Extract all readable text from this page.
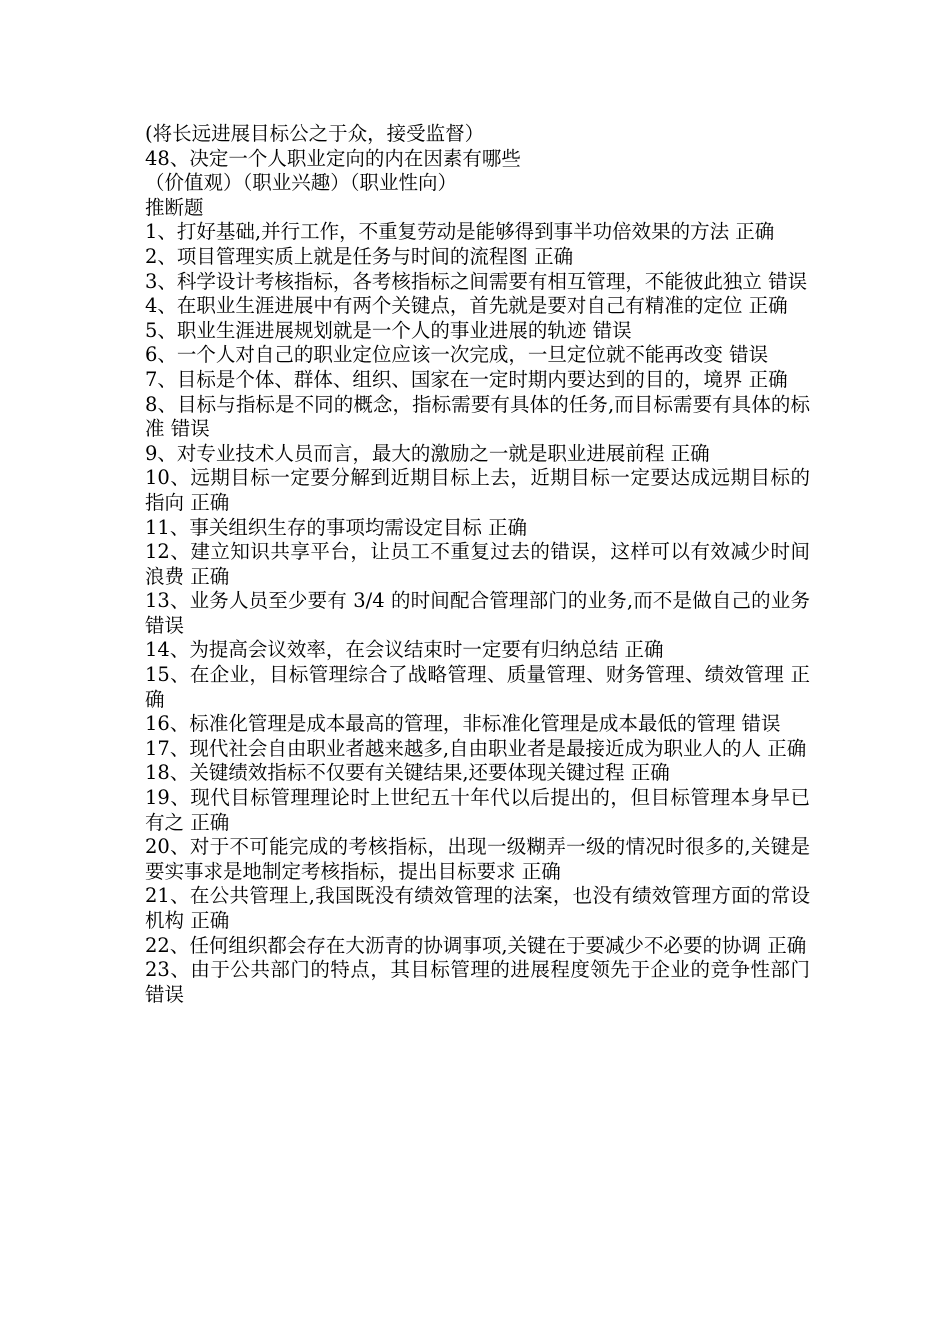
(将长远进展目标公之于众，接受监督）

48、决定一个人职业定向的内在因素有哪些

（价值观）（职业兴趣）（职业性向）

推断题

1、打好基础,并行工作，不重复劳动是能够得到事半功倍效果的方法 正确

2、项目管理实质上就是任务与时间的流程图 正确

3、科学设计考核指标，各考核指标之间需要有相互管理，不能彼此独立 错误

4、在职业生涯进展中有两个关键点，首先就是要对自己有精准的定位 正确

5、职业生涯进展规划就是一个人的事业进展的轨迹 错误

6、一个人对自己的职业定位应该一次完成，一旦定位就不能再改变 错误

7、目标是个体、群体、组织、国家在一定时期内要达到的目的，境界 正确

8、目标与指标是不同的概念，指标需要有具体的任务,而目标需要有具体的标准 错误

9、对专业技术人员而言，最大的激励之一就是职业进展前程 正确

10、远期目标一定要分解到近期目标上去，近期目标一定要达成远期目标的指向 正确

11、事关组织生存的事项均需设定目标 正确

12、建立知识共享平台，让员工不重复过去的错误，这样可以有效减少时间浪费 正确

13、业务人员至少要有 3/4 的时间配合管理部门的业务,而不是做自己的业务 错误

14、为提高会议效率，在会议结束时一定要有归纳总结 正确

15、在企业，目标管理综合了战略管理、质量管理、财务管理、绩效管理 正确

16、标准化管理是成本最高的管理，非标准化管理是成本最低的管理 错误

17、现代社会自由职业者越来越多,自由职业者是最接近成为职业人的人 正确

18、关键绩效指标不仅要有关键结果,还要体现关键过程 正确

19、现代目标管理理论时上世纪五十年代以后提出的，但目标管理本身早已有之 正确

20、对于不可能完成的考核指标，出现一级糊弄一级的情况时很多的,关键是要实事求是地制定考核指标，提出目标要求 正确

21、在公共管理上,我国既没有绩效管理的法案，也没有绩效管理方面的常设机构 正确

22、任何组织都会存在大沥青的协调事项,关键在于要减少不必要的协调 正确

23、由于公共部门的特点，其目标管理的进展程度领先于企业的竞争性部门 错误
